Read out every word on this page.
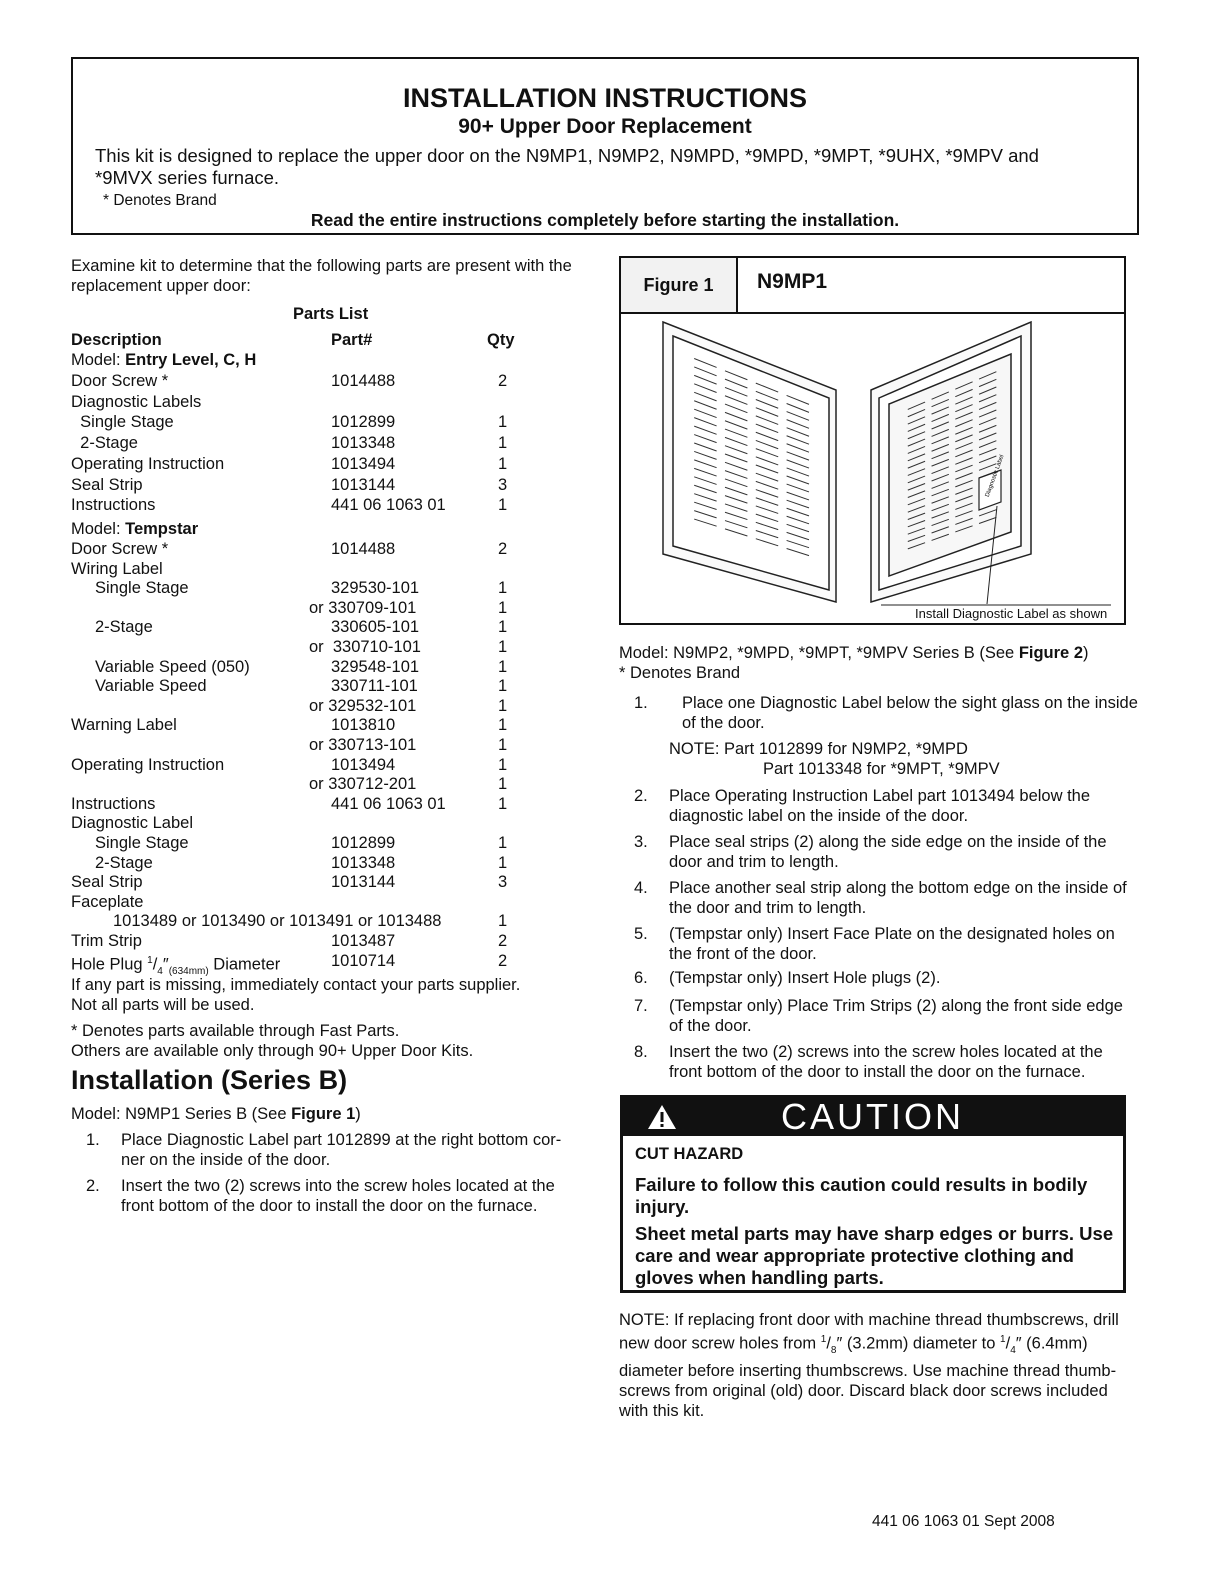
INSTALLATION INSTRUCTIONS
90+ Upper Door Replacement
This kit is designed to replace the upper door on the N9MP1, N9MP2, N9MPD, *9MPD, *9MPT, *9UHX, *9MPV and
*9MVX series furnace.
* Denotes Brand
Read the entire instructions completely before starting the installation.
Examine kit to determine that the following parts are present with the
replacement upper door:
Parts List
Description	Part#	Qty
Model: Entry Level, C, H
Door Screw *	1014488	2
Diagnostic Labels
Single Stage	1012899	1
2-Stage	1013348	1
Operating Instruction	1013494	1
Seal Strip	1013144	3
Instructions	441 06 1063 01	1
Model: Tempstar
Door Screw *	1014488	2
Wiring Label
Single Stage	329530-101	1
or 330709-101	1
2-Stage	330605-101	1
or  330710-101	1
Variable Speed (050)	329548-101	1
Variable Speed	330711-101	1
or 329532-101	1
Warning Label	1013810	1
or 330713-101	1
Operating Instruction	1013494	1
or 330712-201	1
Instructions	441 06 1063 01	1
Diagnostic Label
Single Stage	1012899	1
2-Stage	1013348	1
Seal Strip	1013144	3
Faceplate
1013489 or 1013490 or 1013491 or 1013488	1
Trim Strip	1013487	2
Hole Plug $^1/_4''_{(634mm)}$ Diameter	1010714	2
If any part is missing, immediately contact your parts supplier.
Not all parts will be used.
* Denotes parts available through Fast Parts.
Others are available only through 90+ Upper Door Kits.
Installation (Series B)
Model: N9MP1 Series B (See Figure 1)
1. Place Diagnostic Label part 1012899 at the right bottom cor-
ner on the inside of the door.
2. Insert the two (2) screws into the screw holes located at the
front bottom of the door to install the door on the furnace.
Figure 1	N9MP1
Diagnostic Label
Install Diagnostic Label as shown
Model: N9MP2, *9MPD, *9MPT, *9MPV Series B (See Figure 2)
* Denotes Brand
1. Place one Diagnostic Label below the sight glass on the inside
of the door.
NOTE: Part 1012899 for N9MP2, *9MPD
Part 1013348 for *9MPT, *9MPV
2. Place Operating Instruction Label part 1013494 below the
diagnostic label on the inside of the door.
3. Place seal strips (2) along the side edge on the inside of the
door and trim to length.
4. Place another seal strip along the bottom edge on the inside of
the door and trim to length.
5. (Tempstar only) Insert Face Plate on the designated holes on
the front of the door.
6. (Tempstar only) Insert Hole plugs (2).
7. (Tempstar only) Place Trim Strips (2) along the front side edge
of the door.
8. Insert the two (2) screws into the screw holes located at the
front bottom of the door to install the door on the furnace.
CAUTION
CUT HAZARD
Failure to follow this caution could results in bodily injury.
Sheet metal parts may have sharp edges or burrs. Use care and wear appropriate protective clothing and gloves when handling parts.
NOTE: If replacing front door with machine thread thumbscrews, drill
new door screw holes from $^1/_8''$ (3.2mm) diameter to $^1/_4''$ (6.4mm)
diameter before inserting thumbscrews. Use machine thread thumb-
screws from original (old) door. Discard black door screws included
with this kit.
441 06 1063 01 Sept 2008
